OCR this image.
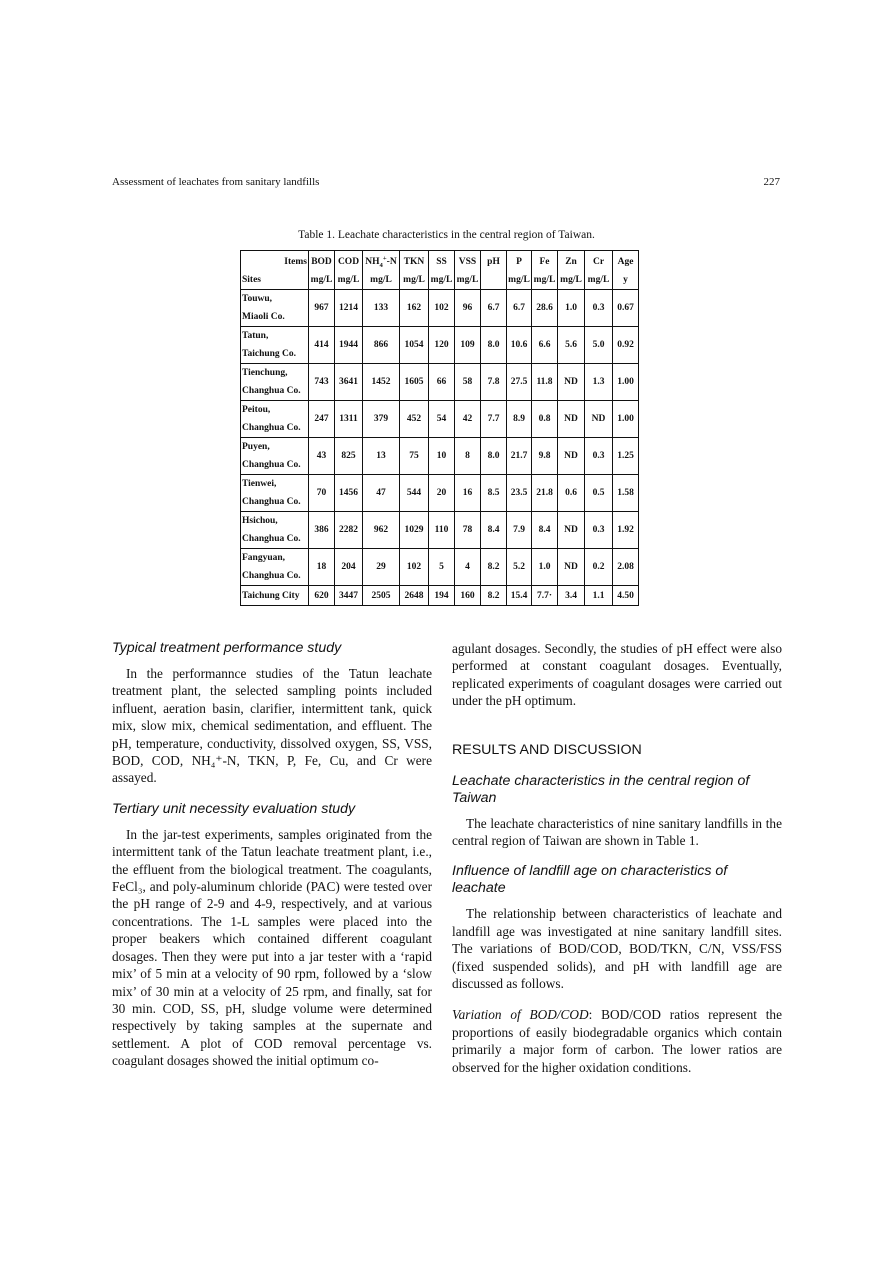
Assessment of leachates from sanitary landfills	227
Table 1. Leachate characteristics in the central region of Taiwan.
Items	BOD	COD	$NH_4^+-N$	TKN	SS	VSS	pH	P	Fe	Zn	Cr	Age
Sites	mg/L	mg/L	mg/L	mg/L	mg/L	mg/L		mg/L	mg/L	mg/L	mg/L	y

Touwu,
Miaoli Co.	967	1214	133	162	102	96	6.7	6.7	28.6	1.0	0.3	0.67

Tatun,
Taichung Co.	414	1944	866	1054	120	109	8.0	10.6	6.6	5.6	5.0	0.92

Tienchung,
Changhua Co.	743	3641	1452	1605	66	58	7.8	27.5	11.8	ND	1.3	1.00

Peitou,
Changhua Co.	247	1311	379	452	54	42	7.7	8.9	0.8	ND	ND	1.00

Puyen,
Changhua Co.	43	825	13	75	10	8	8.0	21.7	9.8	ND	0.3	1.25

Tienwei,
Changhua Co.	70	1456	47	544	20	16	8.5	23.5	21.8	0.6	0.5	1.58

Hsichou,
Changhua Co.	386	2282	962	1029	110	78	8.4	7.9	8.4	ND	0.3	1.92

Fangyuan,
Changhua Co.	18	204	29	102	5	4	8.2	5.2	1.0	ND	0.2	2.08

Taichung City	620	3447	2505	2648	194	160	8.2	15.4	7.7·	3.4	1.1	4.50
Typical treatment performance study

In the performannce studies of the Tatun leachate treatment plant, the selected sampling points included influent, aeration basin, clarifier, intermittent tank, quick mix, slow mix, chemical sedimentation, and effluent. The pH, temperature, conductivity, dissolved oxygen, SS, VSS, BOD, COD, NH₄⁺-N, TKN, P, Fe, Cu, and Cr were assayed.

Tertiary unit necessity evaluation study

In the jar-test experiments, samples originated from the intermittent tank of the Tatun leachate treatment plant, i.e., the effluent from the biological treatment. The coagulants, FeCl₃, and poly-aluminum chloride (PAC) were tested over the pH range of 2-9 and 4-9, respectively, and at various concentrations. The 1-L samples were placed into the proper beakers which contained different coagulant dosages. Then they were put into a jar tester with a ‘rapid mix’ of 5 min at a velocity of 90 rpm, followed by a ‘slow mix’ of 30 min at a velocity of 25 rpm, and finally, sat for 30 min. COD, SS, pH, sludge volume were determined respectively by taking samples at the supernate and settlement. A plot of COD removal percentage vs. coagulant dosages showed the initial optimum co-

agulant dosages. Secondly, the studies of pH effect were also performed at constant coagulant dosages. Eventually, replicated experiments of coagulant dosages were carried out under the pH optimum.

RESULTS AND DISCUSSION
Leachate characteristics in the central region of Taiwan

The leachate characteristics of nine sanitary landfills in the central region of Taiwan are shown in Table 1.

Influence of landfill age on characteristics of leachate

The relationship between characteristics of leachate and landfill age was investigated at nine sanitary landfill sites. The variations of BOD/COD, BOD/TKN, C/N, VSS/FSS (fixed suspended solids), and pH with landfill age are discussed as follows.

Variation of BOD/COD: BOD/COD ratios represent the proportions of easily biodegradable organics which contain primarily a major form of carbon. The lower ratios are observed for the higher oxidation conditions.
